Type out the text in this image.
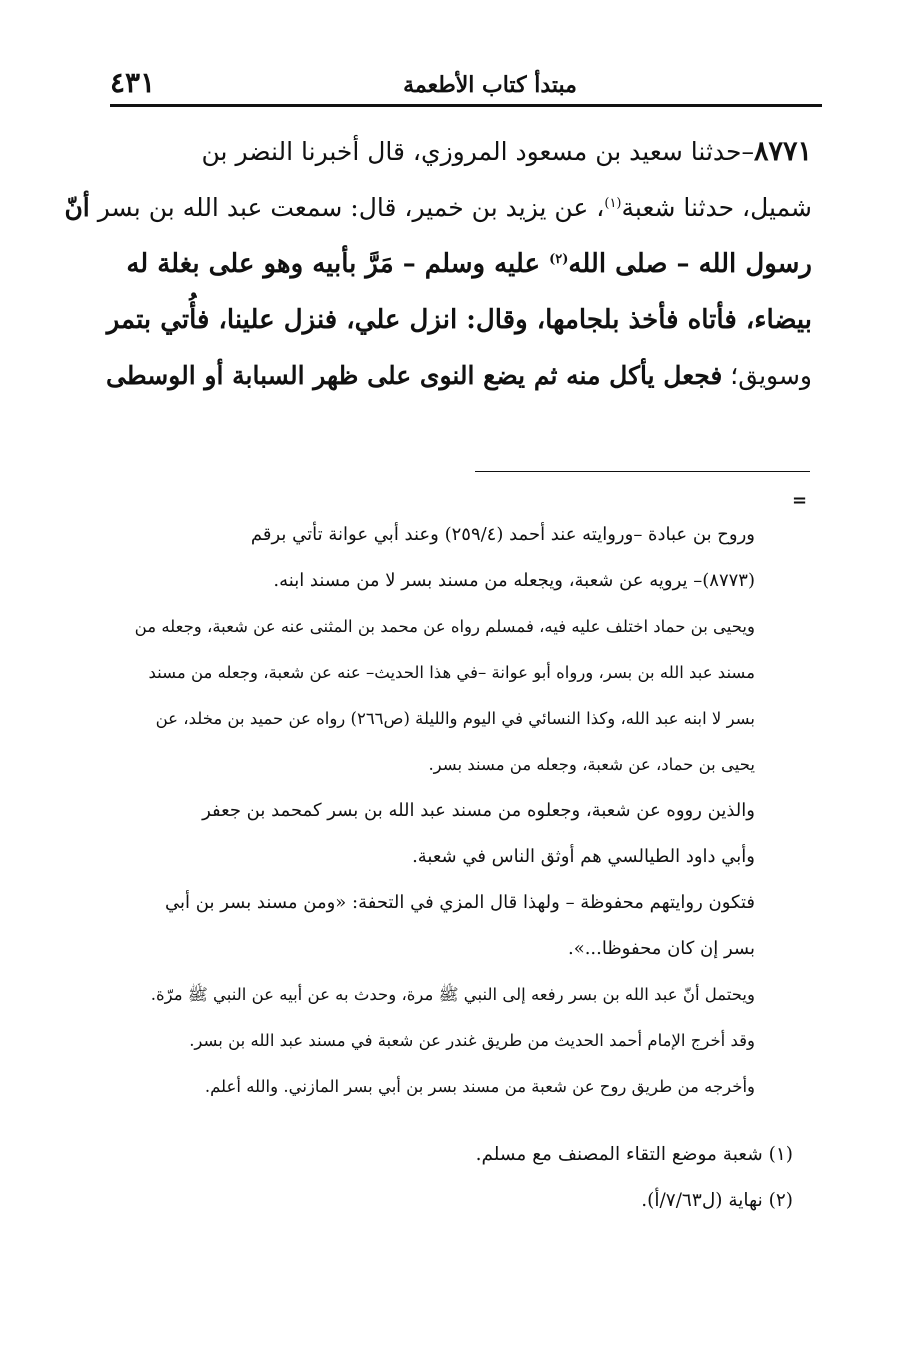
٤٣١	مبتدأ كتاب الأطعمة
٨٧٧١–حدثنا سعيد بن مسعود المروزي، قال أخبرنا النضر بن
شميل، حدثنا شعبة$^{(١)}$، عن يزيد بن خمير، قال: سمعت عبد الله بن بسر أنّ
رسول الله – صلى الله$^{(٢)}$ عليه وسلم – مَرَّ بأبيه وهو على بغلة له
بيضاء، فأتاه فأخذ بلجامها، وقال: انزل علي، فنزل علينا، فأُتي بتمر
وسويق؛ فجعل يأكل منه ثم يضع النوى على ظهر السبابة أو الوسطى
=
وروح بن عبادة –وروايته عند أحمد (٢٥٩/٤) وعند أبي عوانة تأتي برقم
(٨٧٧٣)– يرويه عن شعبة، ويجعله من مسند بسر لا من مسند ابنه.
ويحيى بن حماد اختلف عليه فيه، فمسلم رواه عن محمد بن المثنى عنه عن شعبة، وجعله من
مسند عبد الله بن بسر، ورواه أبو عوانة –في هذا الحديث– عنه عن شعبة، وجعله من مسند
بسر لا ابنه عبد الله، وكذا النسائي في اليوم والليلة (ص٢٦٦) رواه عن حميد بن مخلد، عن
يحيى بن حماد، عن شعبة، وجعله من مسند بسر.
والذين رووه عن شعبة، وجعلوه من مسند عبد الله بن بسر كمحمد بن جعفر
وأبي داود الطيالسي هم أوثق الناس في شعبة.
فتكون روايتهم محفوظة – ولهذا قال المزي في التحفة: «ومن مسند بسر بن أبي
بسر إن كان محفوظا...».
ويحتمل أنّ عبد الله بن بسر رفعه إلى النبي ﷺ مرة، وحدث به عن أبيه عن النبي ﷺ مرّة.
وقد أخرج الإمام أحمد الحديث من طريق غندر عن شعبة في مسند عبد الله بن بسر.
وأخرجه من طريق روح عن شعبة من مسند بسر بن أبي بسر المازني. والله أعلم.
(١) شعبة موضع التقاء المصنف مع مسلم.
(٢) نهاية (ل٧/٦٣/أ).
